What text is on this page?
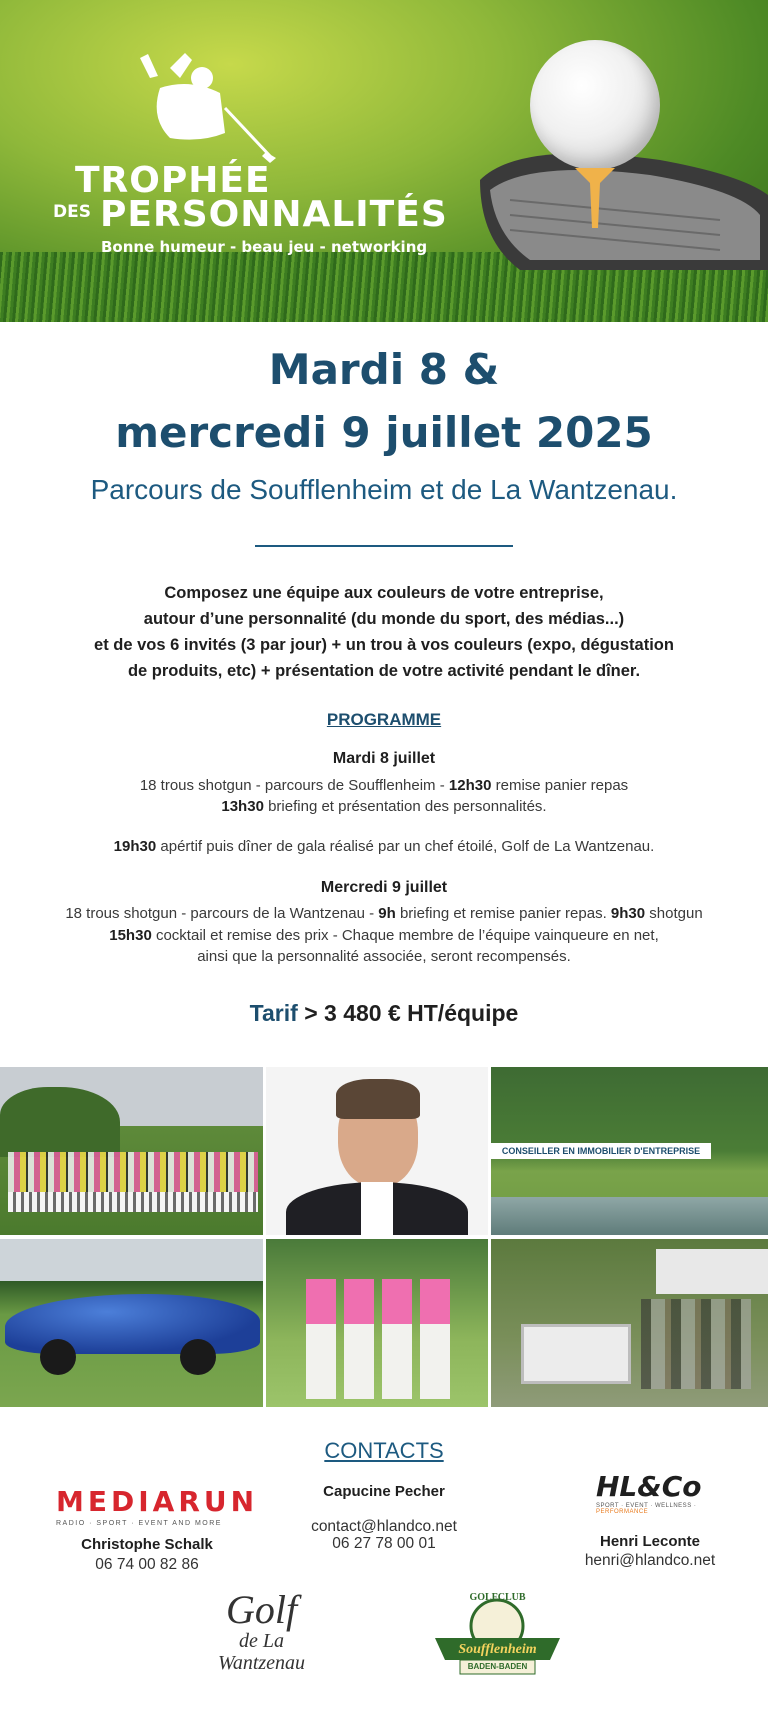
TROPHÉE
DES PERSONNALITÉS
Bonne humeur - beau jeu - networking
Mardi 8 &
mercredi 9 juillet 2025
Parcours de Soufflenheim et de La Wantzenau.
Composez une équipe aux couleurs de votre entreprise,
autour d’une personnalité (du monde du sport, des médias...)
et de vos 6 invités (3 par jour) + un trou à vos couleurs (expo, dégustation
de produits, etc) + présentation de votre activité pendant le dîner.
PROGRAMME
Mardi 8 juillet
18 trous shotgun - parcours de Soufflenheim - 12h30 remise panier repas
13h30 briefing et présentation des personnalités.
19h30 apértif puis dîner de gala réalisé par un chef étoilé, Golf de La Wantzenau.
Mercredi 9 juillet
18 trous shotgun - parcours de la Wantzenau - 9h briefing et remise panier repas. 9h30 shotgun
15h30 cocktail et remise des prix - Chaque membre de l’équipe vainqueure en net,
ainsi que la personnalité associée, seront recompensés.
Tarif > 3 480 € HT/équipe
CONSEILLER EN IMMOBILIER D'ENTREPRISE
CONTACTS
MEDIARUN
RADIO · SPORT · EVENT AND MORE
Christophe Schalk
06 74 00 82 86
Capucine Pecher
contact@hlandco.net
06 27 78 00 01
HL&Co
SPORT · EVENT · WELLNESS · PERFORMANCE
Henri Leconte
henri@hlandco.net
Golf
de La
Wantzenau
GOLFCLUB
Soufflenheim
BADEN-BADEN
